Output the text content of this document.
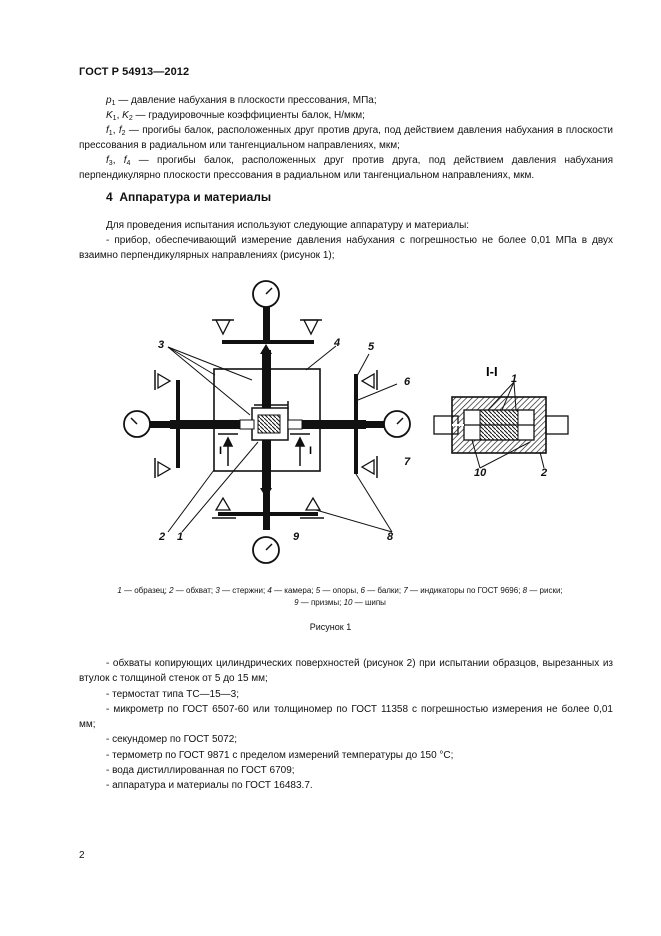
ГОСТ Р 54913—2012
$p_1$ — давление набухания в плоскости прессования, МПа;
$K_1$, $K_2$ — градуировочные коэффициенты балок, Н/мкм;
$f_1$, $f_2$ — прогибы балок, расположенных друг против друга, под действием давления набухания в плоскости прессования в радиальном или тангенциальном направлениях, мкм;
$f_3$, $f_4$ — прогибы балок, расположенных друг против друга, под действием давления набухания перпендикулярно плоскости прессования в радиальном или тангенциальном направлениях, мкм.
4 Аппаратура и материалы
Для проведения испытания используют следующие аппаратуру и материалы:
- прибор, обеспечивающий измерение давления набухания с погрешностью не более 0,01 МПа в двух взаимно перпендикулярных направлениях (рисунок 1);
I	I
3	4	5
6
7
2 1	9	8
I-I 1
10	2
1 — образец; 2 — обхват; 3 — стержни; 4 — камера; 5 — опоры, 6 — балки; 7 — индикаторы по ГОСТ 9696; 8 — риски;
9 — призмы; 10 — шипы
Рисунок 1
- обхваты копирующих цилиндрических поверхностей (рисунок 2) при испытании образцов, вырезанных из втулок с толщиной стенок от 5 до 15 мм;
- термостат типа ТС—15—3;
- микрометр по ГОСТ 6507-60 или толщиномер по ГОСТ 11358 с погрешностью измерения не более 0,01 мм;
- секундомер по ГОСТ 5072;
- термометр по ГОСТ 9871 с пределом измерений температуры до 150 °С;
- вода дистиллированная по ГОСТ 6709;
- аппаратура и материалы по ГОСТ 16483.7.
2
